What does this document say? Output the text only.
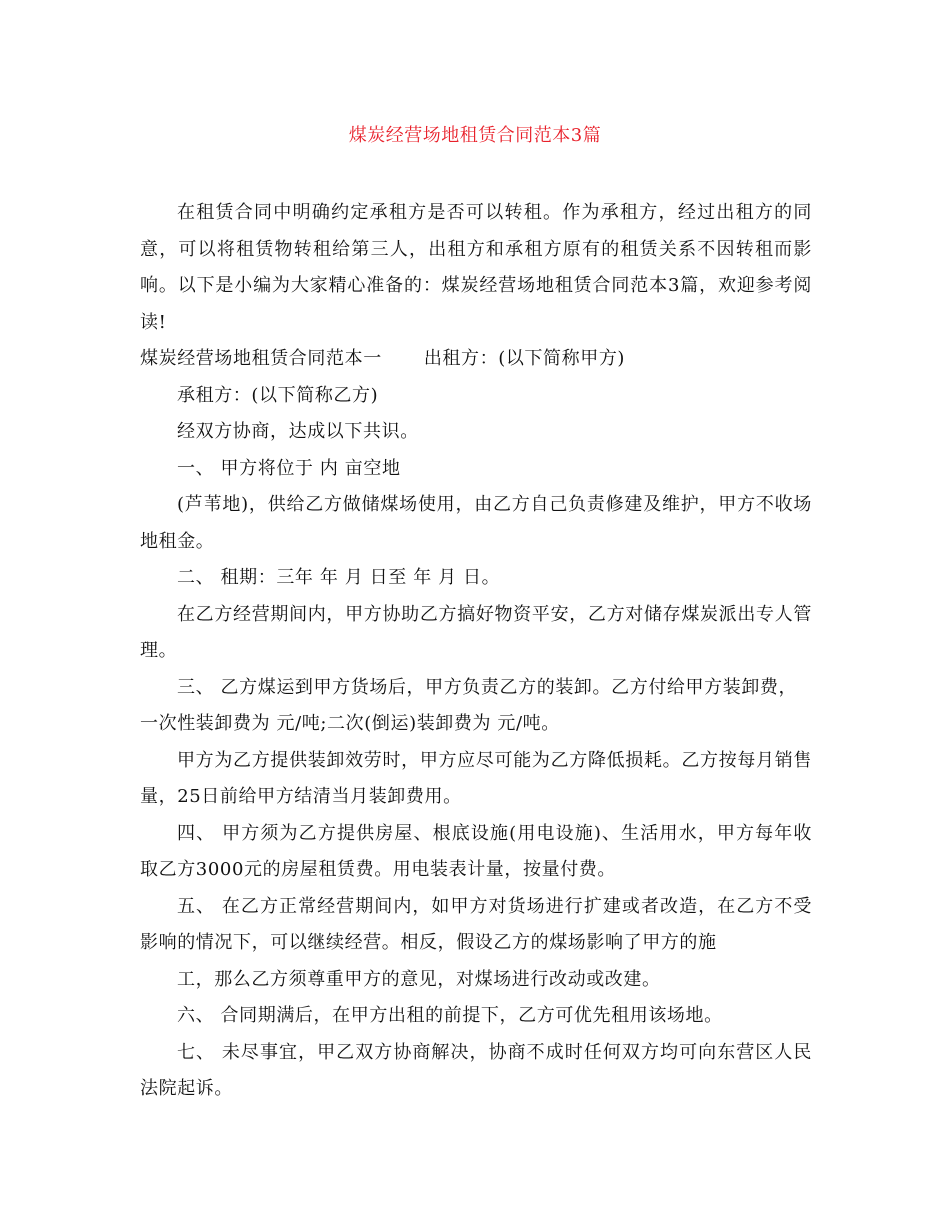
煤炭经营场地租赁合同范本3篇

在租赁合同中明确约定承租方是否可以转租。作为承租方，经过出租方的同意，可以将租赁物转租给第三人，出租方和承租方原有的租赁关系不因转租而影响。以下是小编为大家精心准备的：煤炭经营场地租赁合同范本3篇，欢迎参考阅读!

煤炭经营场地租赁合同范本一 出租方：(以下简称甲方)

承租方：(以下简称乙方)

经双方协商，达成以下共识。

一、 甲方将位于 内 亩空地

(芦苇地)，供给乙方做储煤场使用，由乙方自己负责修建及维护，甲方不收场地租金。

二、 租期：三年 年 月 日至 年 月 日。

在乙方经营期间内，甲方协助乙方搞好物资平安，乙方对储存煤炭派出专人管理。

三、 乙方煤运到甲方货场后，甲方负责乙方的装卸。乙方付给甲方装卸费，

一次性装卸费为 元/吨;二次(倒运)装卸费为 元/吨。

甲方为乙方提供装卸效劳时，甲方应尽可能为乙方降低损耗。乙方按每月销售量，25日前给甲方结清当月装卸费用。

四、 甲方须为乙方提供房屋、根底设施(用电设施)、生活用水，甲方每年收取乙方3000元的房屋租赁费。用电装表计量，按量付费。

五、 在乙方正常经营期间内，如甲方对货场进行扩建或者改造，在乙方不受影响的情况下，可以继续经营。相反，假设乙方的煤场影响了甲方的施

工，那么乙方须尊重甲方的意见，对煤场进行改动或改建。

六、 合同期满后，在甲方出租的前提下，乙方可优先租用该场地。

七、 未尽事宜，甲乙双方协商解决，协商不成时任何双方均可向东营区人民法院起诉。
